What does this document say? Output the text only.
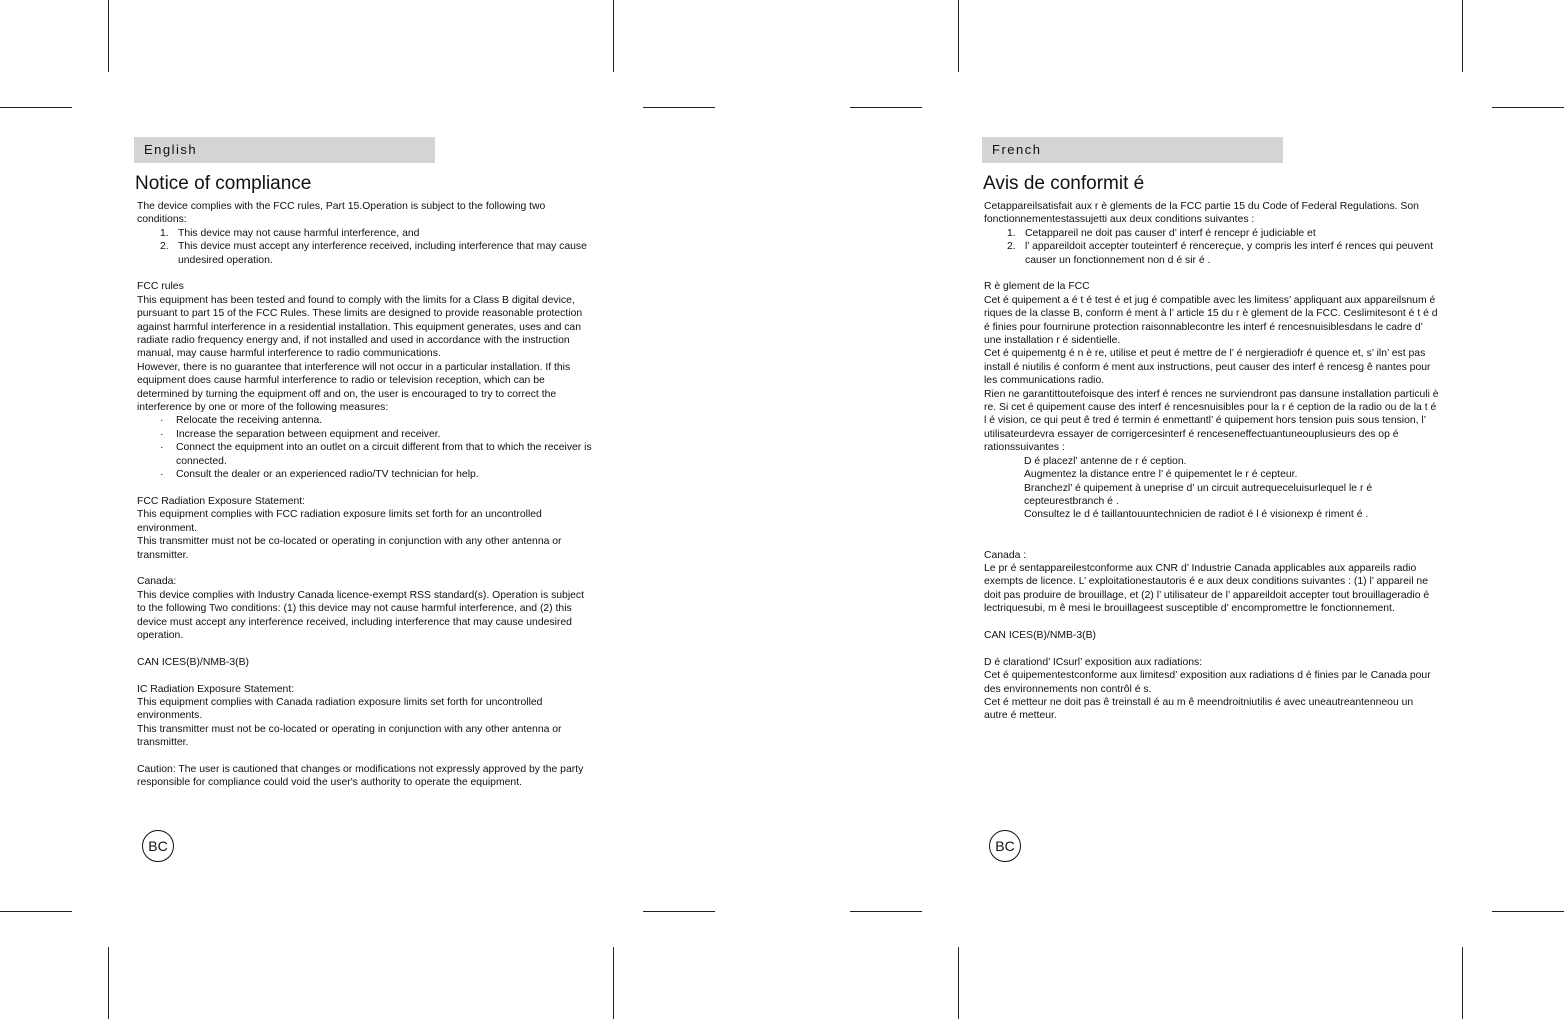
English
Notice of compliance

The device complies with the FCC rules, Part 15.Operation is subject to the following two conditions:

1. This device may not cause harmful interference, and
2. This device must accept any interference received, including interference that may cause undesired operation.

FCC rules

This equipment has been tested and found to comply with the limits for a Class B digital device, pursuant to part 15 of the FCC Rules. These limits are designed to provide reasonable protection against harmful interference in a residential installation. This equipment generates, uses and can radiate radio frequency energy and, if not installed and used in accordance with the instruction manual, may cause harmful interference to radio communications.

However, there is no guarantee that interference will not occur in a particular installation. If this equipment does cause harmful interference to radio or television reception, which can be determined by turning the equipment off and on, the user is encouraged to try to correct the interference by one or more of the following measures:

· Relocate the receiving antenna.
· Increase the separation between equipment and receiver.
· Connect the equipment into an outlet on a circuit different from that to which the receiver is connected.
· Consult the dealer or an experienced radio/TV technician for help.

FCC Radiation Exposure Statement:

This equipment complies with FCC radiation exposure limits set forth for an uncontrolled environment.

This transmitter must not be co-located or operating in conjunction with any other antenna or transmitter.

Canada:

This device complies with Industry Canada licence-exempt RSS standard(s). Operation is subject to the following Two conditions: (1) this device may not cause harmful interference, and (2) this device must accept any interference received, including interference that may cause undesired operation.

CAN ICES(B)/NMB-3(B)

IC Radiation Exposure Statement:

This equipment complies with Canada radiation exposure limits set forth for uncontrolled environments.

This transmitter must not be co-located or operating in conjunction with any other antenna or transmitter.

Caution: The user is cautioned that changes or modifications not expressly approved by the party responsible for compliance could void the user's authority to operate the equipment.

BC
French
Avis de conformit é

Cetappareilsatisfait aux r è glements de la FCC partie 15 du Code of Federal Regulations. Son fonctionnementestassujetti aux deux conditions suivantes :

1. Cetappareil ne doit pas causer d’ interf é rencepr é judiciable et
2. l’ appareildoit accepter touteinterf é rencereçue, y compris les interf é rences qui peuvent causer un fonctionnement non d é sir é .

R è glement de la FCC

Cet é quipement a é t é test é et jug é compatible avec les limitess’ appliquant aux appareilsnum é riques de la classe B, conform é ment à l’ article 15 du r è glement de la FCC. Ceslimitesont é t é d é finies pour fournirune protection raisonnablecontre les interf é rencesnuisiblesdans le cadre d’ une installation r é sidentielle.

Cet é quipementg é n è re, utilise et peut é mettre de l’ é nergieradiofr é quence et, s’ iln’ est pas install é niutilis é conform é ment aux instructions, peut causer des interf é rencesg ê nantes pour les communications radio.

Rien ne garantittoutefoisque des interf é rences ne surviendront pas dansune installation particuli è re. Si cet é quipement cause des interf é rencesnuisibles pour la r é ception de la radio ou de la t é l é vision, ce qui peut ê tred é termin é enmettantl’ é quipement hors tension puis sous tension, l’ utilisateurdevra essayer de corrigercesinterf é renceseneffectuantuneouplusieurs des op é rationssuivantes :

D é placezl’ antenne de r é ception.

Augmentez la distance entre l’ é quipementet le r é cepteur.

Branchezl’ é quipement à uneprise d’ un circuit autrequeceluisurlequel le r é cepteurestbranch é .

Consultez le d é taillantouuntechnicien de radiot é l é visionexp é riment é .

Canada :

Le pr é sentappareilestconforme aux CNR d’ Industrie Canada applicables aux appareils radio exempts de licence. L’ exploitationestautoris é e aux deux conditions suivantes : (1) l’ appareil ne doit pas produire de brouillage, et (2) l’ utilisateur de l’ appareildoit accepter tout brouillageradio é lectriquesubi, m ê mesi le brouillageest susceptible d’ encompromettre le fonctionnement.

CAN ICES(B)/NMB-3(B)

D é clarationd’ ICsurl’ exposition aux radiations:

Cet é quipementestconforme aux limitesd’ exposition aux radiations d é finies par le Canada pour des environnements non contrôl é s.

Cet é metteur ne doit pas ê treinstall é au m ê meendroitniutilis é avec uneautreantenneou un autre é metteur.

BC
